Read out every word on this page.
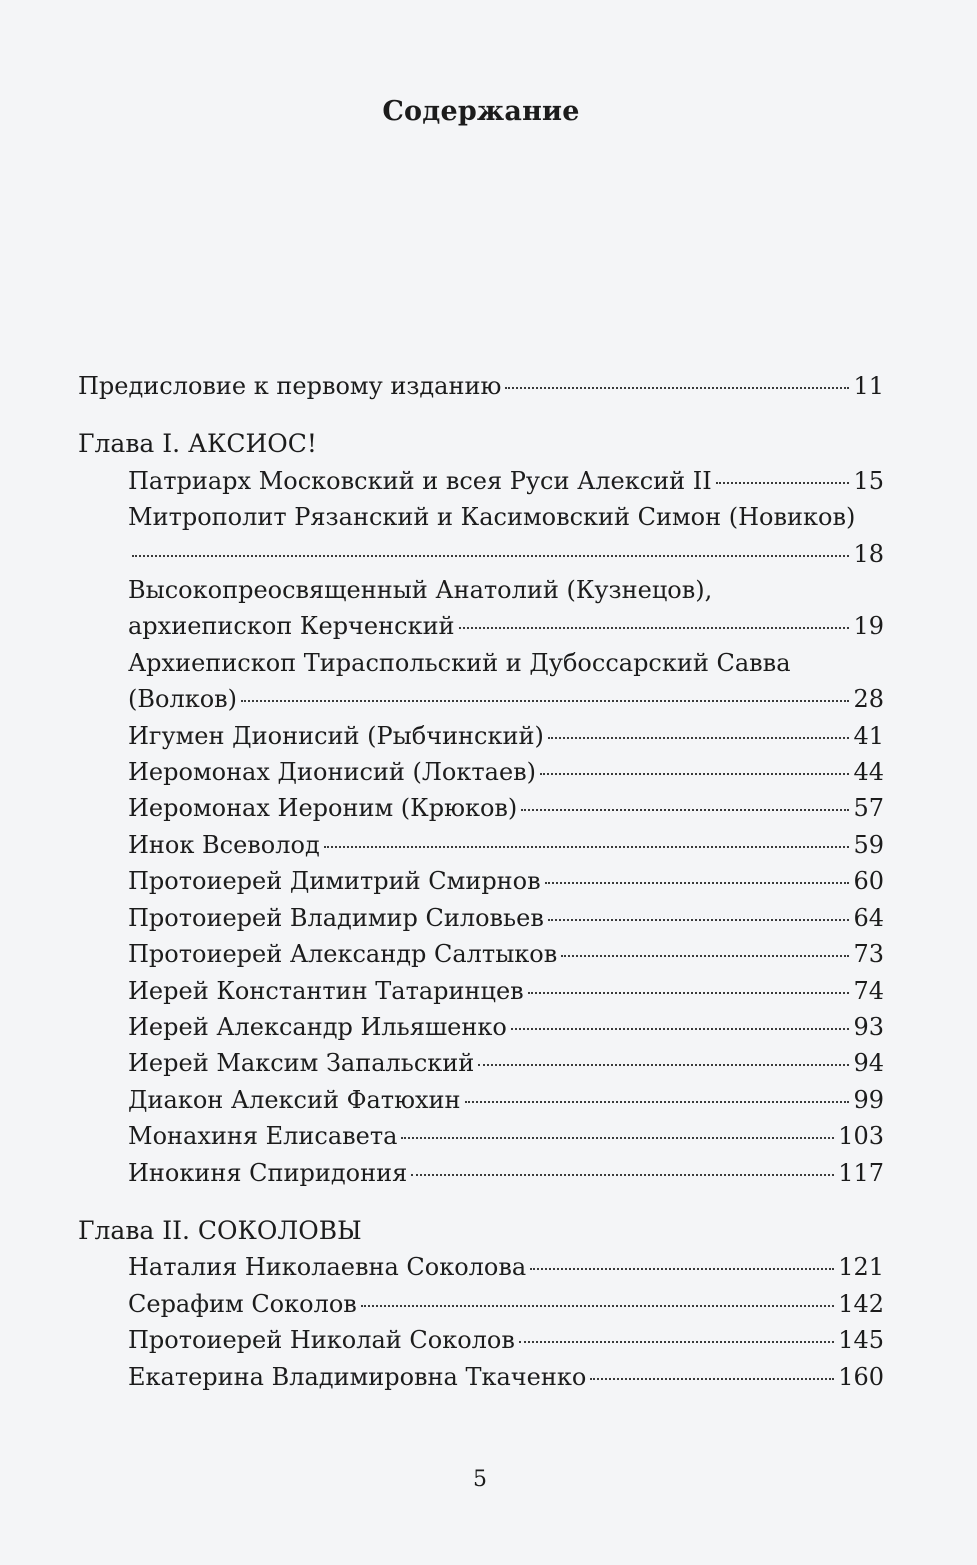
Содержание
Предисловие к первому изданию	11
Глава I. АКСИОС!
Патриарх Московский и всея Руси Алексий II	15
Митрополит Рязанский и Касимовский Симон (Новиков)
18
Высокопреосвященный Анатолий (Кузнецов),
архиепископ Керченский	19
Архиепископ Тираспольский и Дубоссарский Савва
(Волков)	28
Игумен Дионисий (Рыбчинский)	41
Иеромонах Дионисий (Локтаев)	44
Иеромонах Иероним (Крюков)	57
Инок Всеволод	59
Протоиерей Димитрий Смирнов	60
Протоиерей Владимир Силовьев	64
Протоиерей Александр Салтыков	73
Иерей Константин Татаринцев	74
Иерей Александр Ильяшенко	93
Иерей Максим Запальский	94
Диакон Алексий Фатюхин	99
Монахиня Елисавета	103
Инокиня Спиридония	117
Глава II. СОКОЛОВЫ
Наталия Николаевна Соколова	121
Серафим Соколов	142
Протоиерей Николай Соколов	145
Екатерина Владимировна Ткаченко	160
5
